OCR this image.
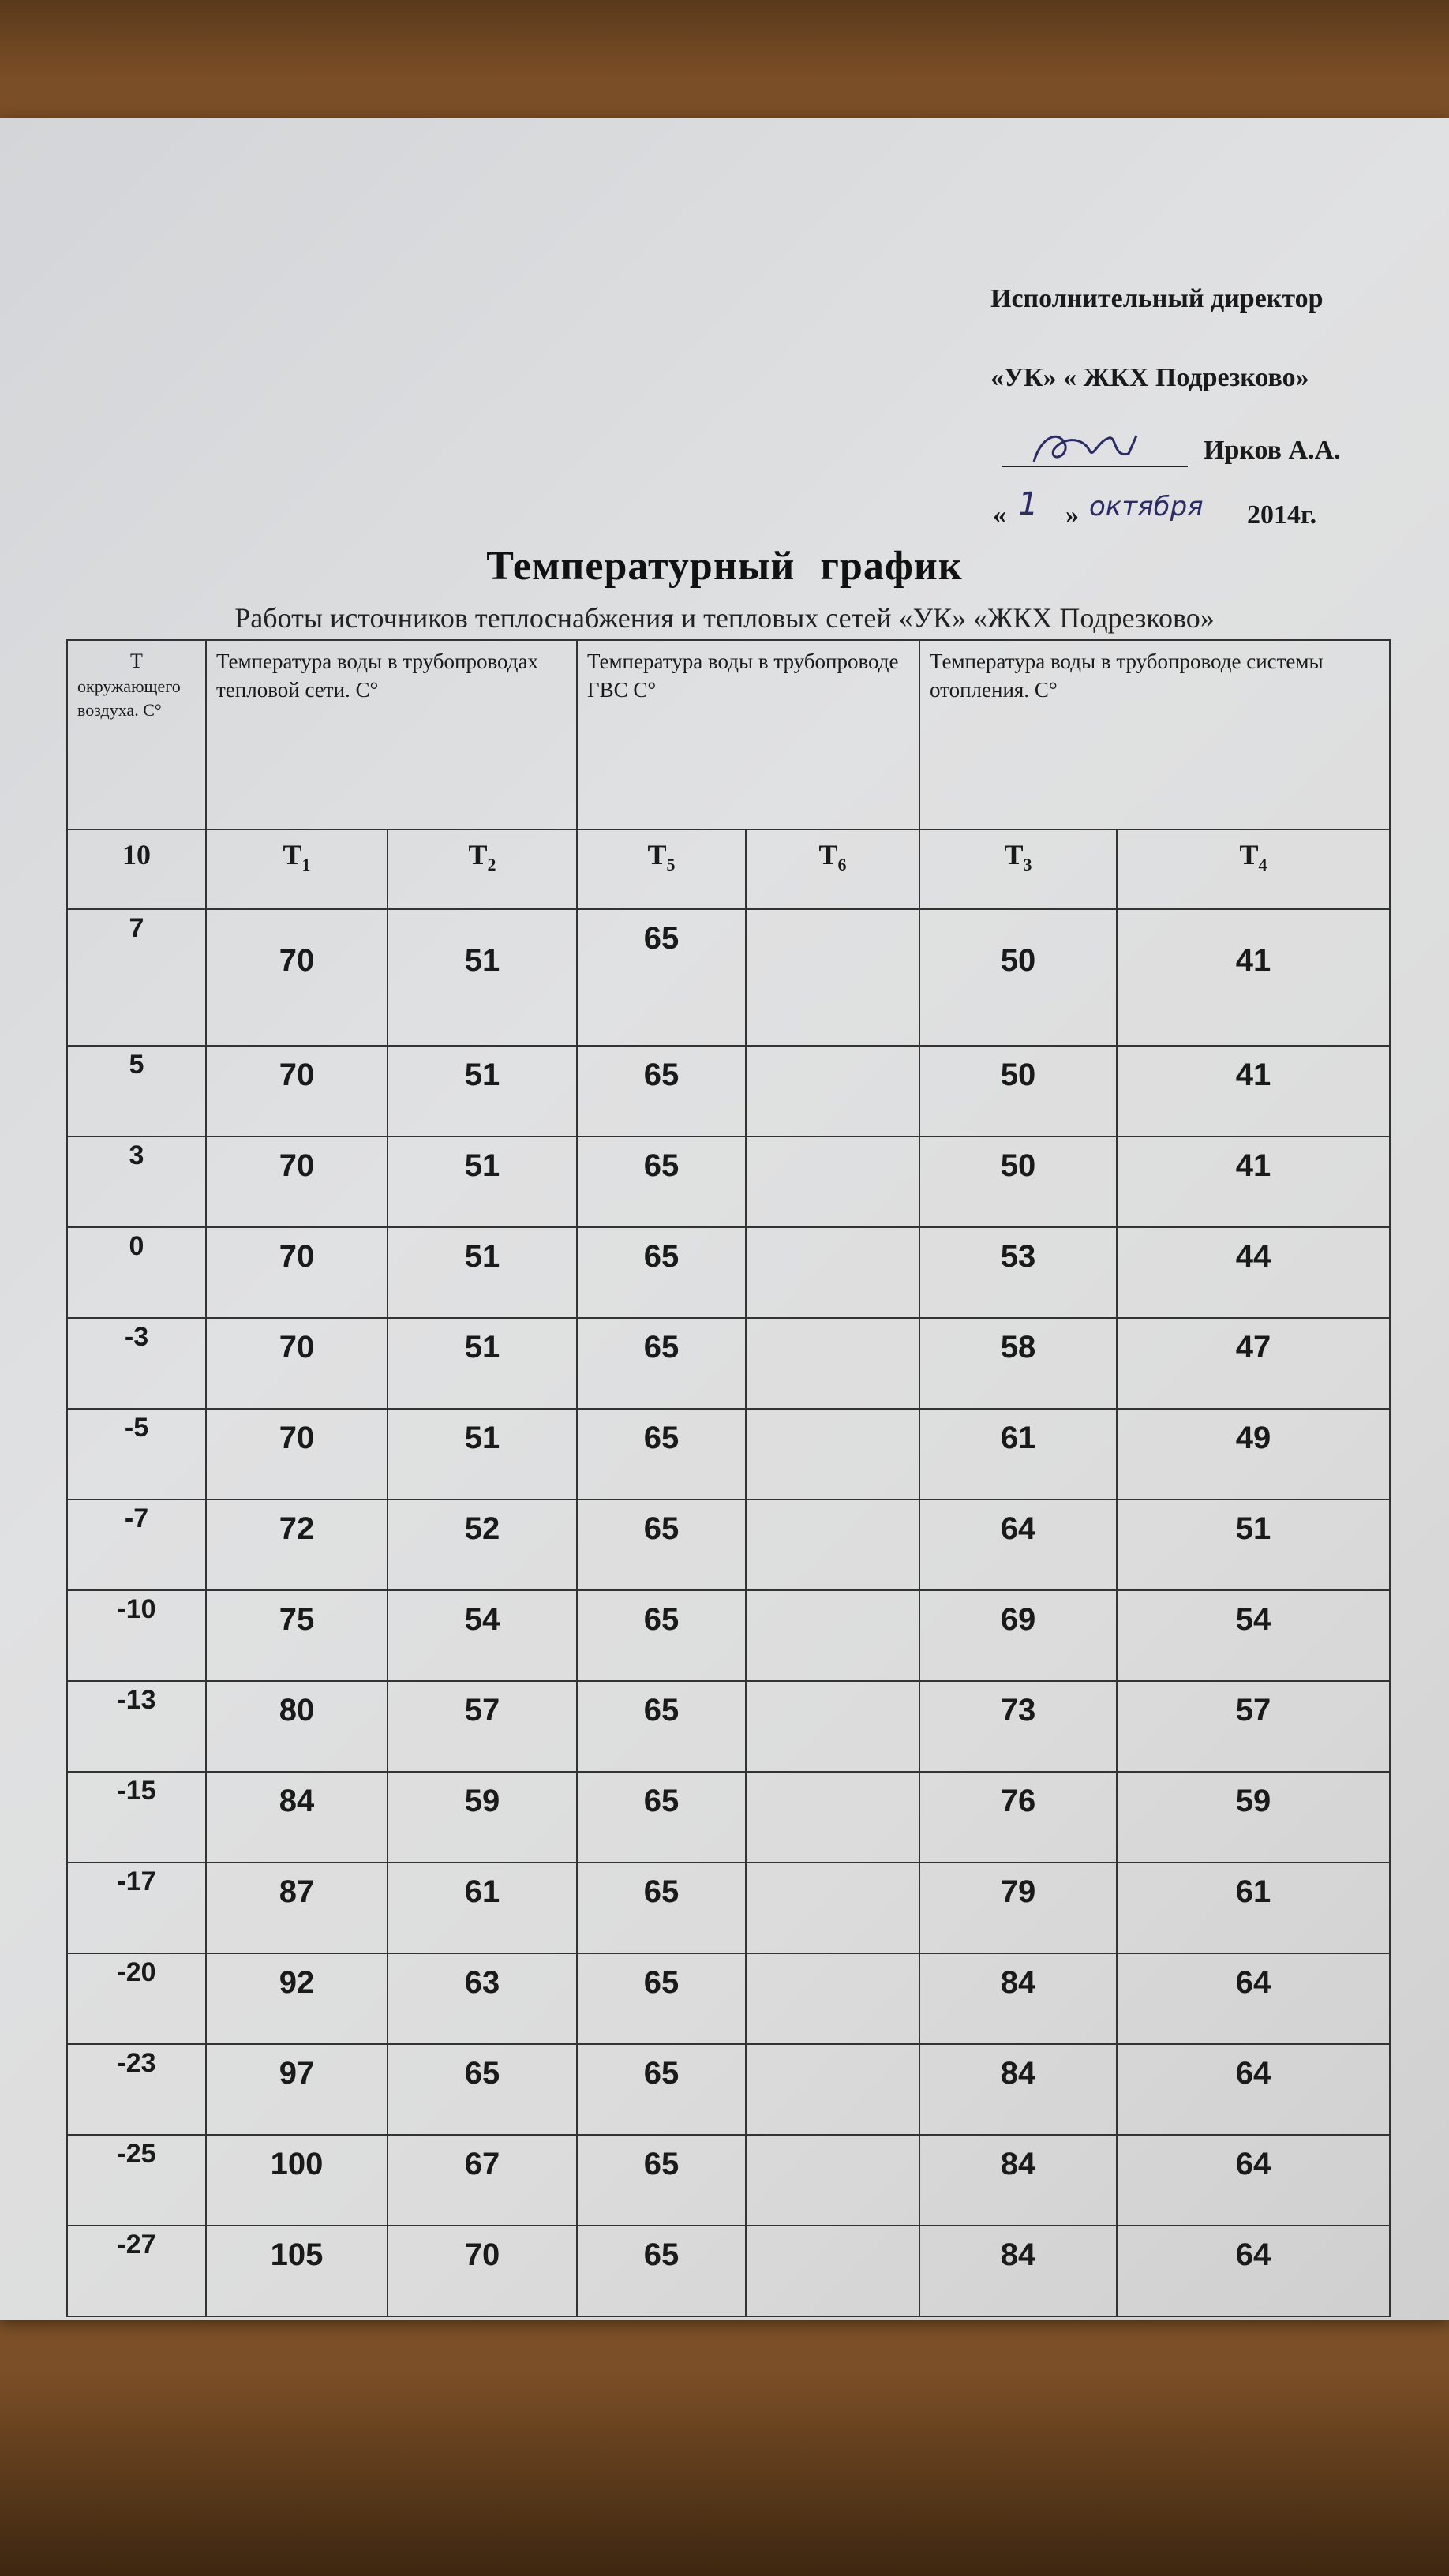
Исполнительный директор
«УК» « ЖКХ Подрезково»
Ирков А.А.
« 1 » октября 2014г.
Температурный график
Работы источников теплоснабжения и тепловых сетей «УК» «ЖКХ Подрезково»
Т
окружающего воздуха. С°	Температура воды в трубопроводах тепловой сети. С°		Температура воды в трубопроводе ГВС С°		Температура воды в трубопроводе системы отопления. С°	
10	$Т_1$	$Т_2$	$Т_5$	$Т_6$	$Т_3$	$Т_4$
7	70	51	65		50	41
5	70	51	65		50	41
3	70	51	65		50	41
0	70	51	65		53	44
-3	70	51	65		58	47
-5	70	51	65		61	49
-7	72	52	65		64	51
-10	75	54	65		69	54
-13	80	57	65		73	57
-15	84	59	65		76	59
-17	87	61	65		79	61
-20	92	63	65		84	64
-23	97	65	65		84	64
-25	100	67	65		84	64
-27	105	70	65		84	64
